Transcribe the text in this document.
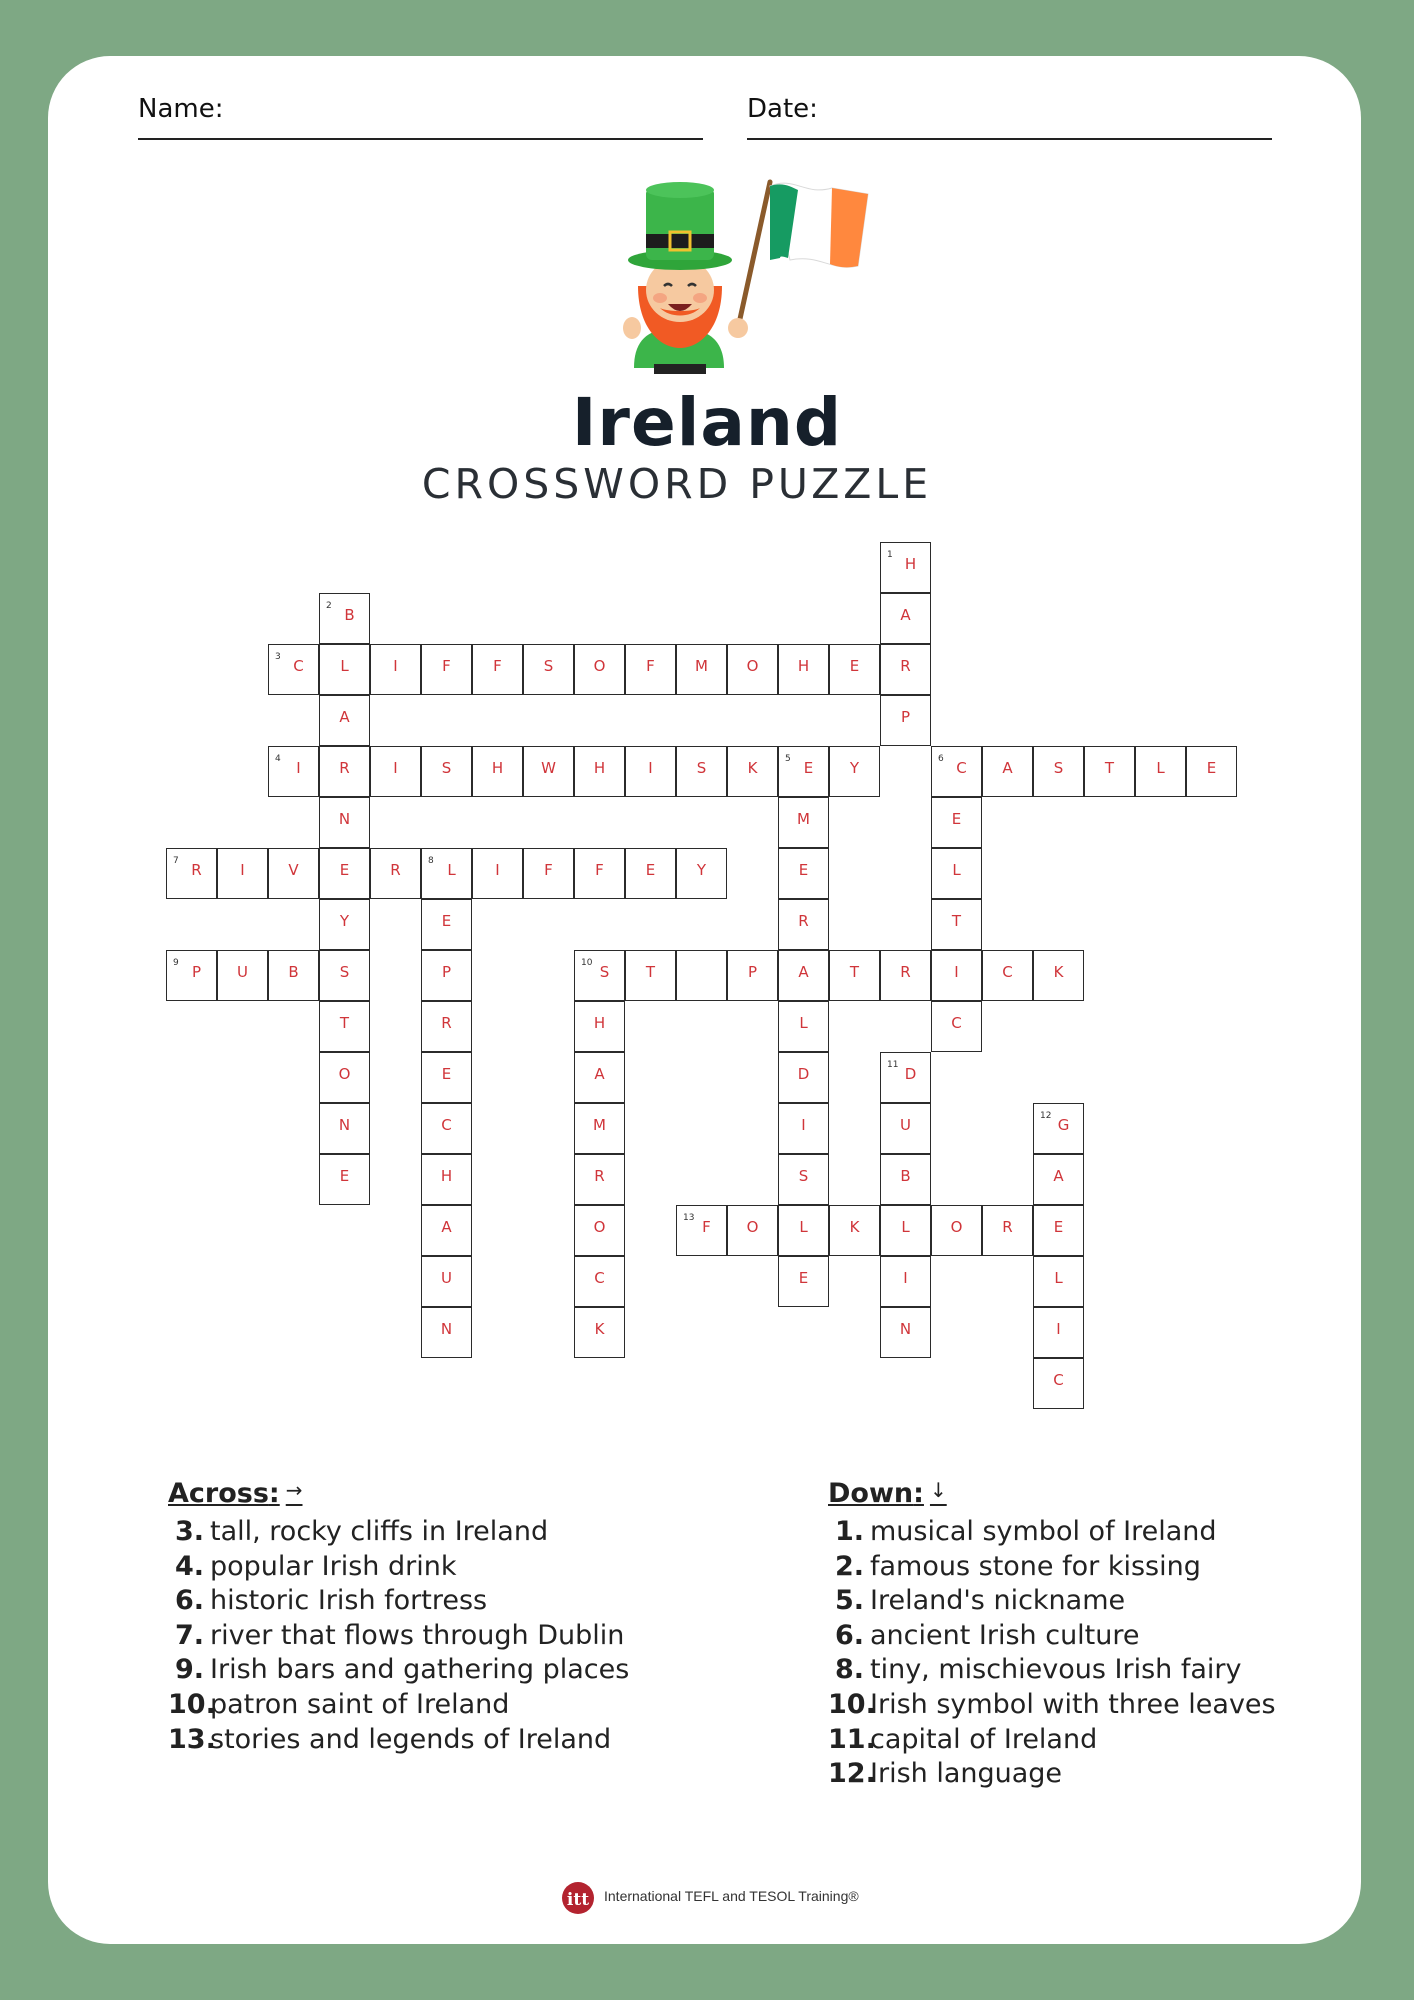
Name:	Date:
Ireland
CROSSWORD PUZZLE
3 C	L	I	F	F	S	O	F	M	O	H	E	R
4	I	R	I	S	H	W	H	I	S	K	5 E	Y	6 C	A	S	T	L	E
7 R	I	V	E	R	8 L	I	F	F	E	Y
9 P	U	B	S	10 S	T	P	A	T	R	I	C	K
13 F	O	L	K	L	O	R	E
1 H
A
P
2 B
A
N
Y
T
O
N
E
M
E
R
L
D
I
S
E
E
L
T
C
E
P
R
E
C
H
A
U
N
H
A
M
R
O
C
K
11 D
U
B
I
N
12 G
A
L
I
C
Across: →
3. tall, rocky cliffs in Ireland
4. popular Irish drink
6. historic Irish fortress
7. river that flows through Dublin
9. Irish bars and gathering places
10.patron saint of Ireland
13.stories and legends of Ireland
Down: ↓
1. musical symbol of Ireland
2. famous stone for kissing
5. Ireland's nickname
6. ancient Irish culture
8. tiny, mischievous Irish fairy
10.Irish symbol with three leaves
11.capital of Ireland
12.Irish language
itt International TEFL and TESOL Training®
